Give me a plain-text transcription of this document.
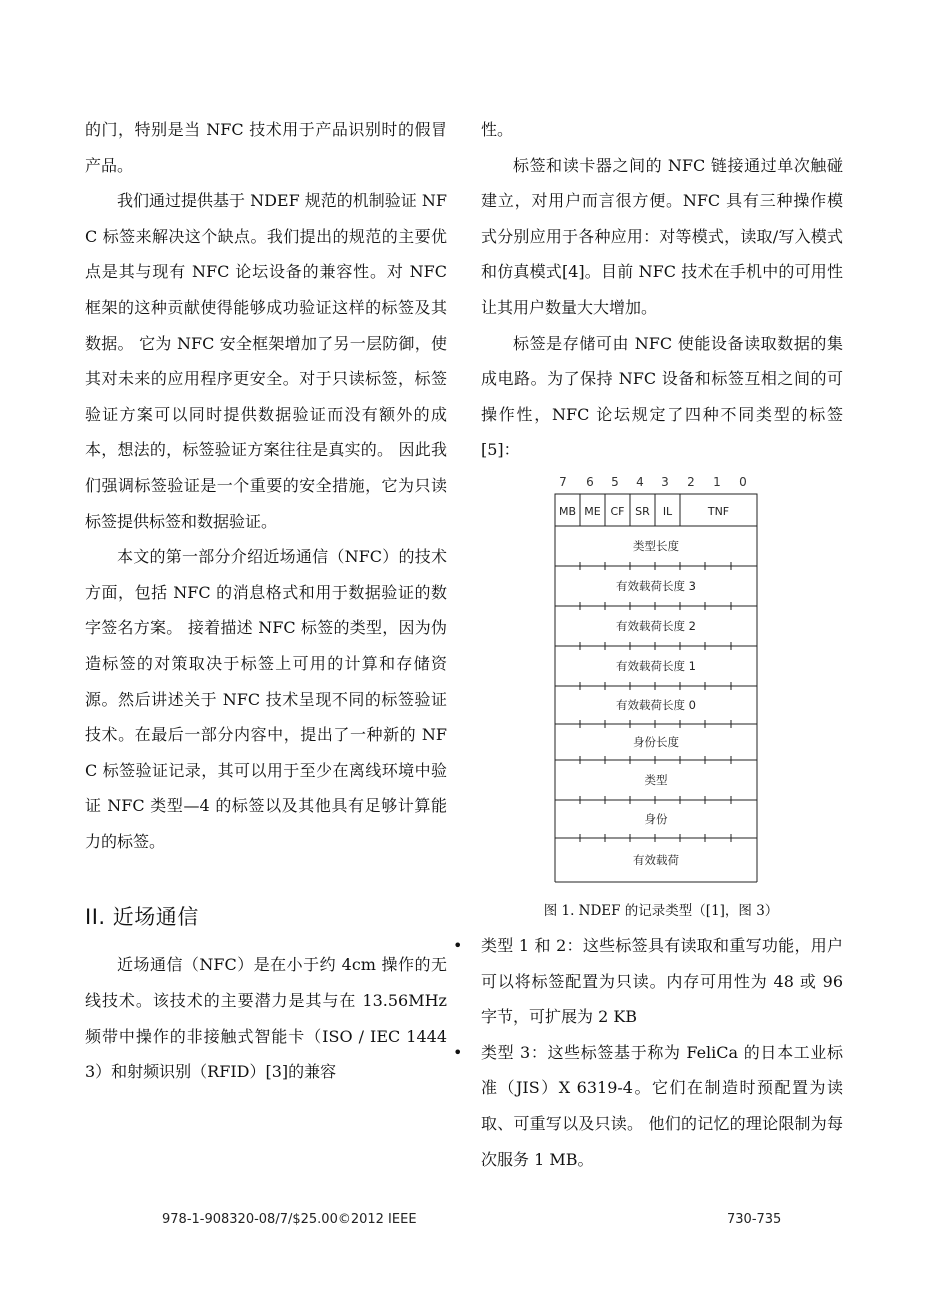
的门，特别是当 NFC 技术用于产品识别时的假冒产品。

我们通过提供基于 NDEF 规范的机制验证 NFC 标签来解决这个缺点。我们提出的规范的主要优点是其与现有 NFC 论坛设备的兼容性。对 NFC 框架的这种贡献使得能够成功验证这样的标签及其数据。 它为 NFC 安全框架增加了另一层防御，使其对未来的应用程序更安全。对于只读标签，标签验证方案可以同时提供数据验证而没有额外的成本，想法的，标签验证方案往往是真实的。 因此我们强调标签验证是一个重要的安全措施，它为只读标签提供标签和数据验证。

本文的第一部分介绍近场通信（NFC）的技术方面，包括 NFC 的消息格式和用于数据验证的数字签名方案。 接着描述 NFC 标签的类型，因为伪造标签的对策取决于标签上可用的计算和存储资源。然后讲述关于 NFC 技术呈现不同的标签验证技术。在最后一部分内容中，提出了一种新的 NFC 标签验证记录，其可以用于至少在离线环境中验证 NFC 类型—4 的标签以及其他具有足够计算能力的标签。

II. 近场通信

近场通信（NFC）是在小于约 4cm 操作的无线技术。该技术的主要潜力是其与在 13.56MHz 频带中操作的非接触式智能卡（ISO / IEC 14443）和射频识别（RFID）[3]的兼容

性。

标签和读卡器之间的 NFC 链接通过单次触碰建立，对用户而言很方便。NFC 具有三种操作模式分别应用于各种应用：对等模式，读取/写入模式和仿真模式[4]。目前 NFC 技术在手机中的可用性让其用户数量大大增加。

标签是存储可由 NFC 使能设备读取数据的集成电路。为了保持 NFC 设备和标签互相之间的可操作性，NFC 论坛规定了四种不同类型的标签[5]：

7 6 5 4 3 2 1 0
MB ME CF SR IL	TNF
类型长度
有效载荷长度 3
有效载荷长度 2
有效载荷长度 1
有效载荷长度 0
身份长度
类型
身份
有效载荷
图 1. NDEF 的记录类型（[1]，图 3）
• 类型 1 和 2：这些标签具有读取和重写功能，用户可以将标签配置为只读。内存可用性为 48 或 96 字节，可扩展为 2 KB

• 类型 3：这些标签基于称为 FeliCa 的日本工业标准（JIS）X 6319-4。它们在制造时预配置为读取、可重写以及只读。 他们的记忆的理论限制为每次服务 1 MB。

978-1-908320-08/7/$25.00©2012 IEEE	730-735
